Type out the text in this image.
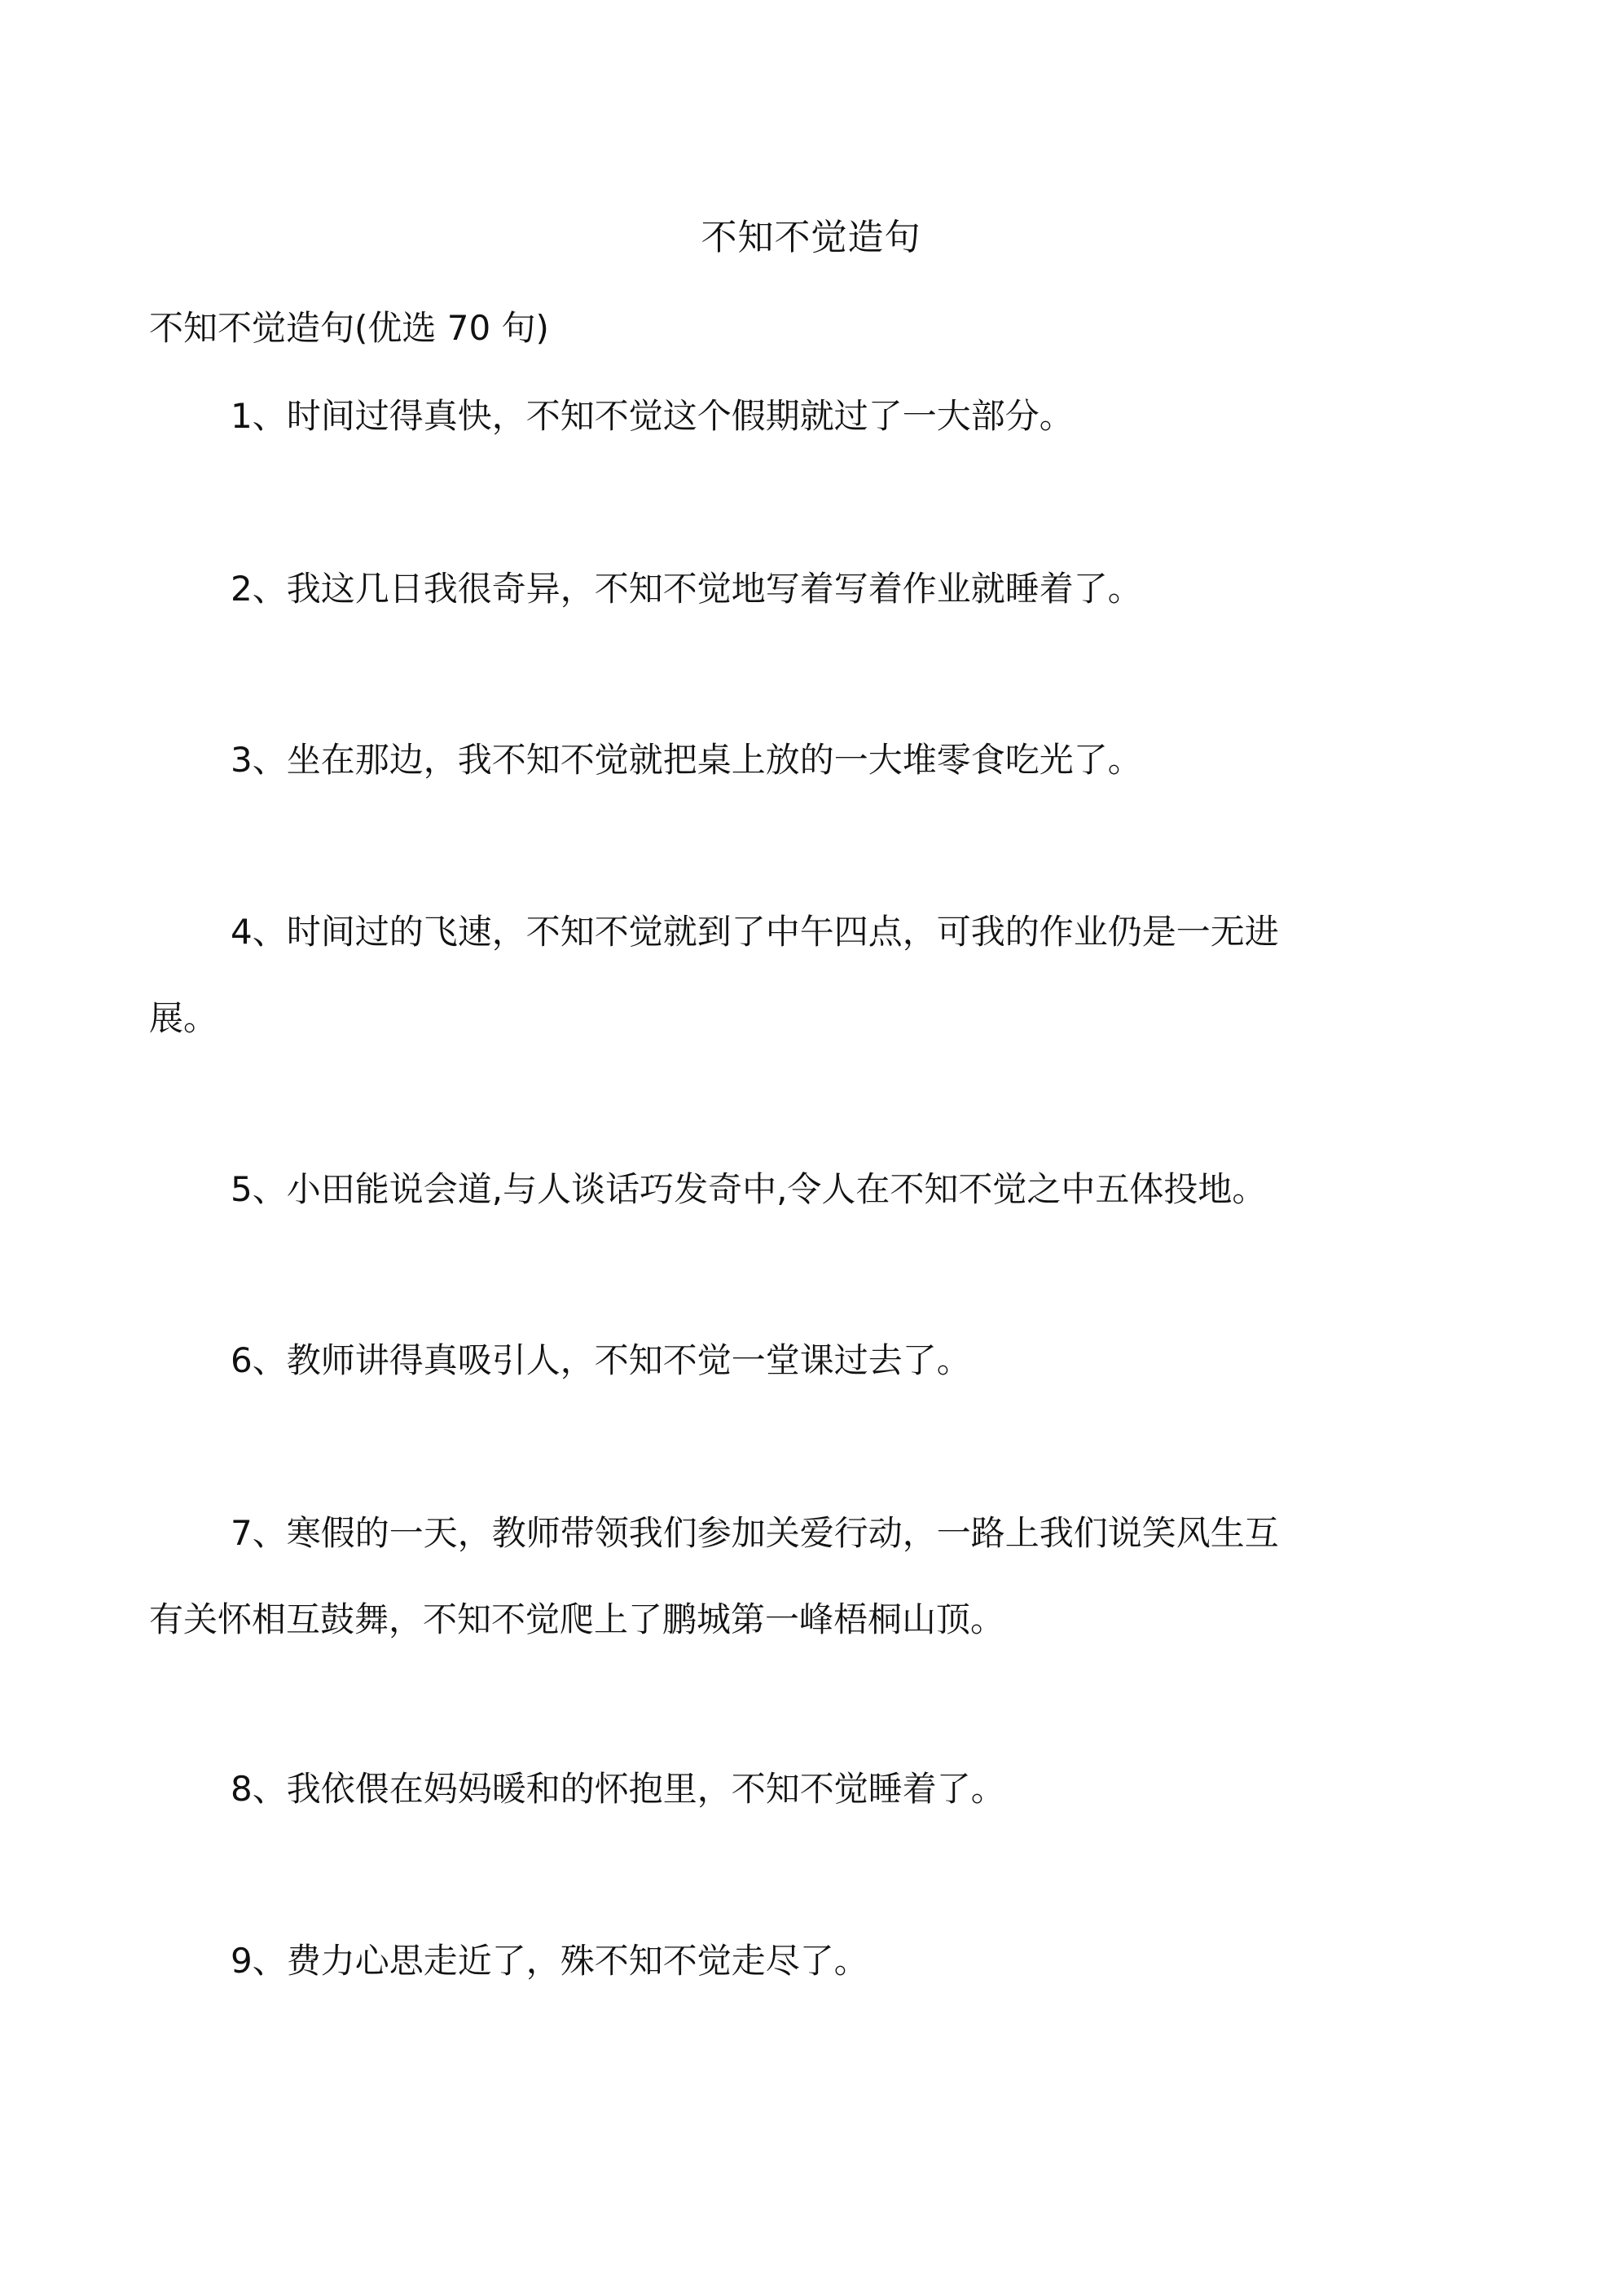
不知不觉造句
不知不觉造句(优选 70 句)
1、时间过得真快，不知不觉这个假期就过了一大部分。
2、我这几日我很奇异，不知不觉地写着写着作业就睡着了。
3、坐在那边，我不知不觉就把桌上放的一大堆零食吃光了。
4、时间过的飞速，不知不觉就到了中午四点，可我的作业仍是一无进
展。
5、小田能说会道,与人谈话巧发奇中,令人在不知不觉之中五体投地。
6、教师讲得真吸引人，不知不觉一堂课过去了。
7、寒假的一天，教师带领我们参加关爱行动，一路上我们说笑风生互
有关怀相互鼓舞，不知不觉爬上了鹏城第一峰梧桐山顶。
8、我依偎在妈妈暖和的怀抱里，不知不觉睡着了。
9、费力心思走近了，殊不知不觉走尽了。
